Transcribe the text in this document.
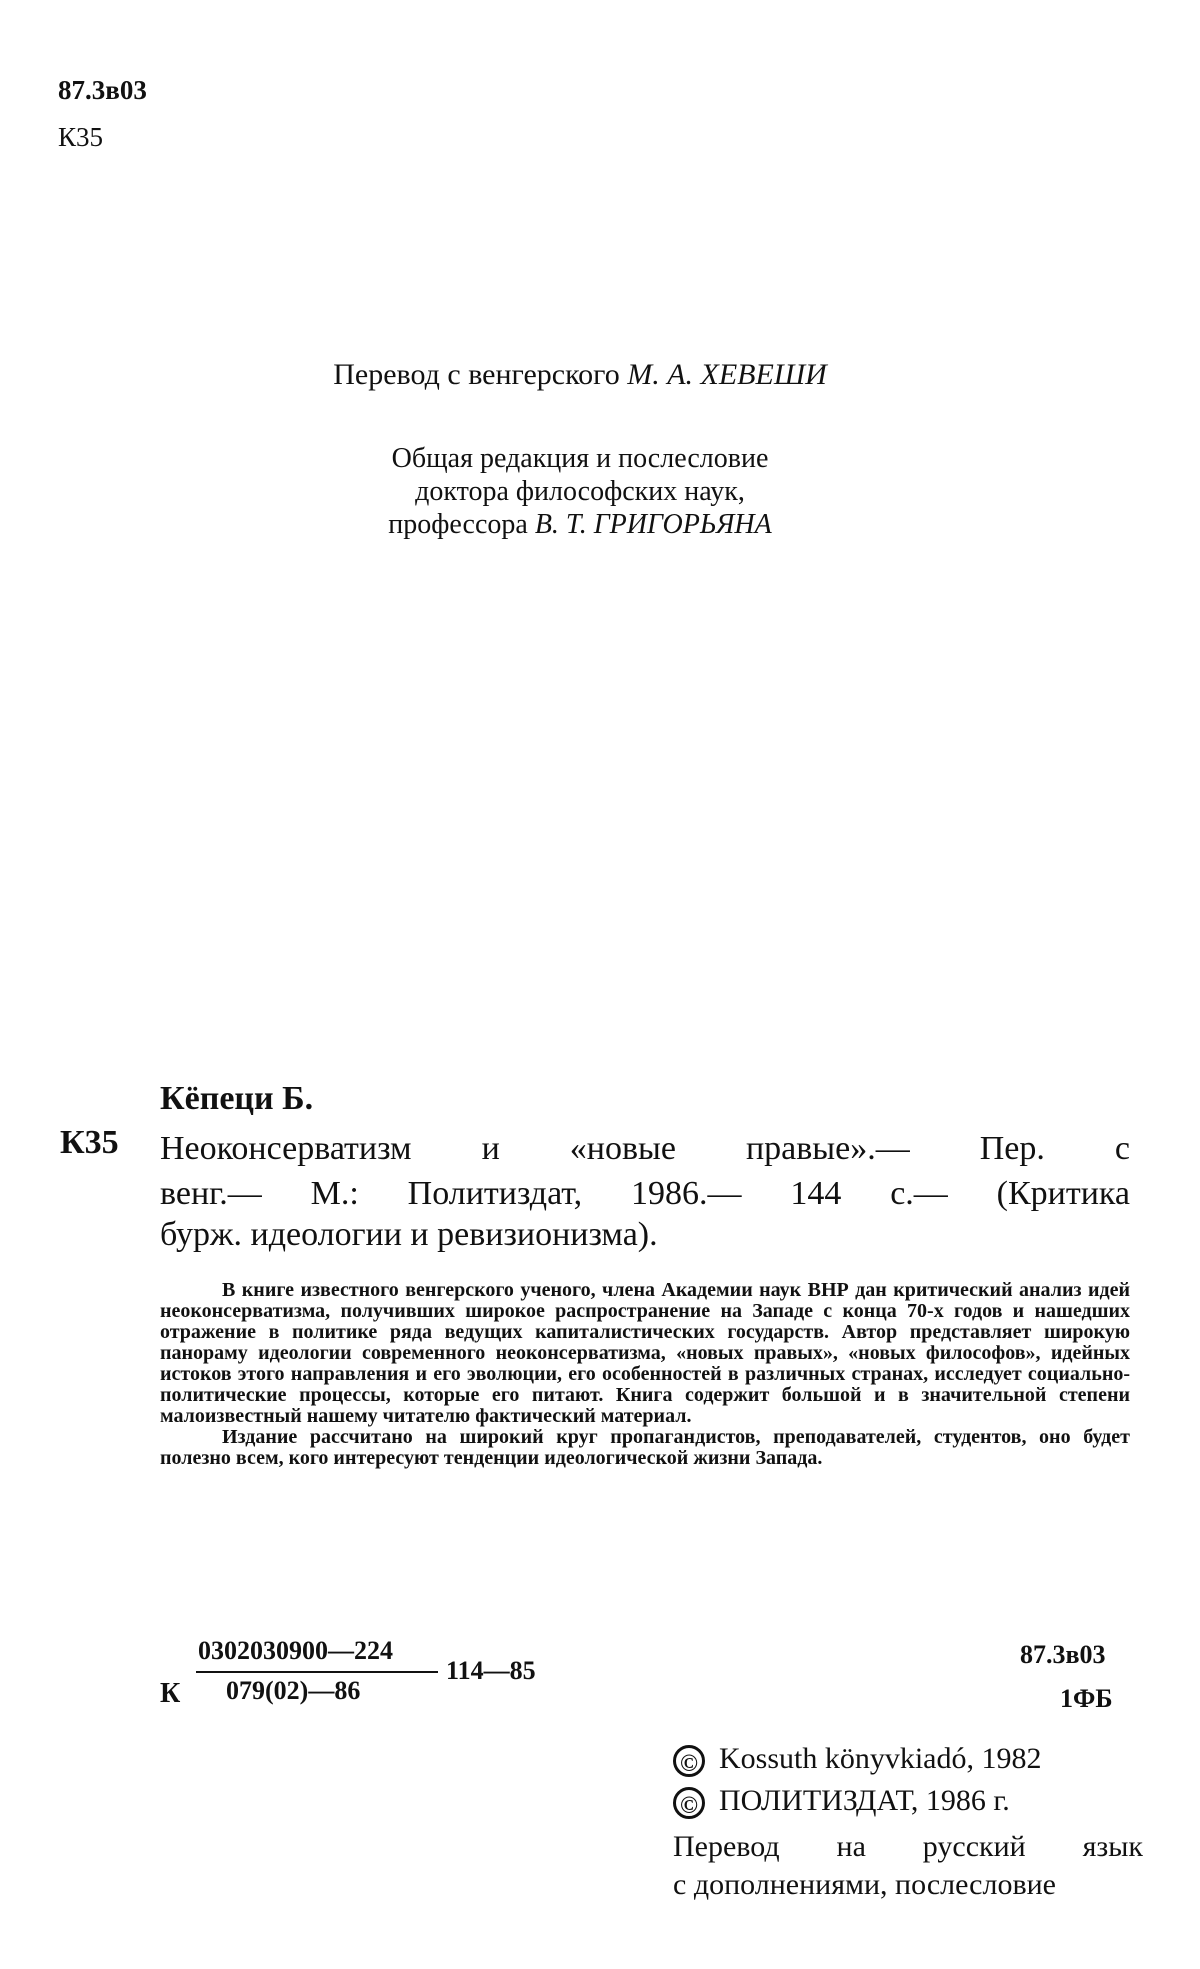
87.3в03
К35
Перевод с венгерского М. А. ХЕВЕШИ
Общая редакция и послесловие
доктора философских наук,
профессора В. Т. ГРИГОРЬЯНА
Кёпеци Б.
К35 Неоконсерватизм и «новые правые».— Пер. с
венг.— М.: Политиздат, 1986.— 144 с.— (Критика
бурж. идеологии и ревизионизма).

В книге известного венгерского ученого, члена Академии наук ВНР дан критический анализ идей неоконсерватизма, получивших широкое распространение на Западе с конца 70-х годов и нашедших отражение в политике ряда ведущих капиталистических государств. Автор представляет широкую панораму идеологии современного неоконсерватизма, «новых правых», «новых философов», идейных истоков этого направления и его эволюции, его особенностей в различных странах, исследует социально-политические процессы, которые его питают. Книга содержит большой и в значительной степени малоизвестный нашему читателю фактический материал.

Издание рассчитано на широкий круг пропагандистов, преподавателей, студентов, оно будет полезно всем, кого интересуют тенденции идеологической жизни Запада.

К
0302030900—224
079(02)—86
114—85
87.3в03
1ФБ
© Kossuth könyvkiadó, 1982
© ПОЛИТИЗДАТ, 1986 г.
Перевод на русский язык
с дополнениями, послесловие
